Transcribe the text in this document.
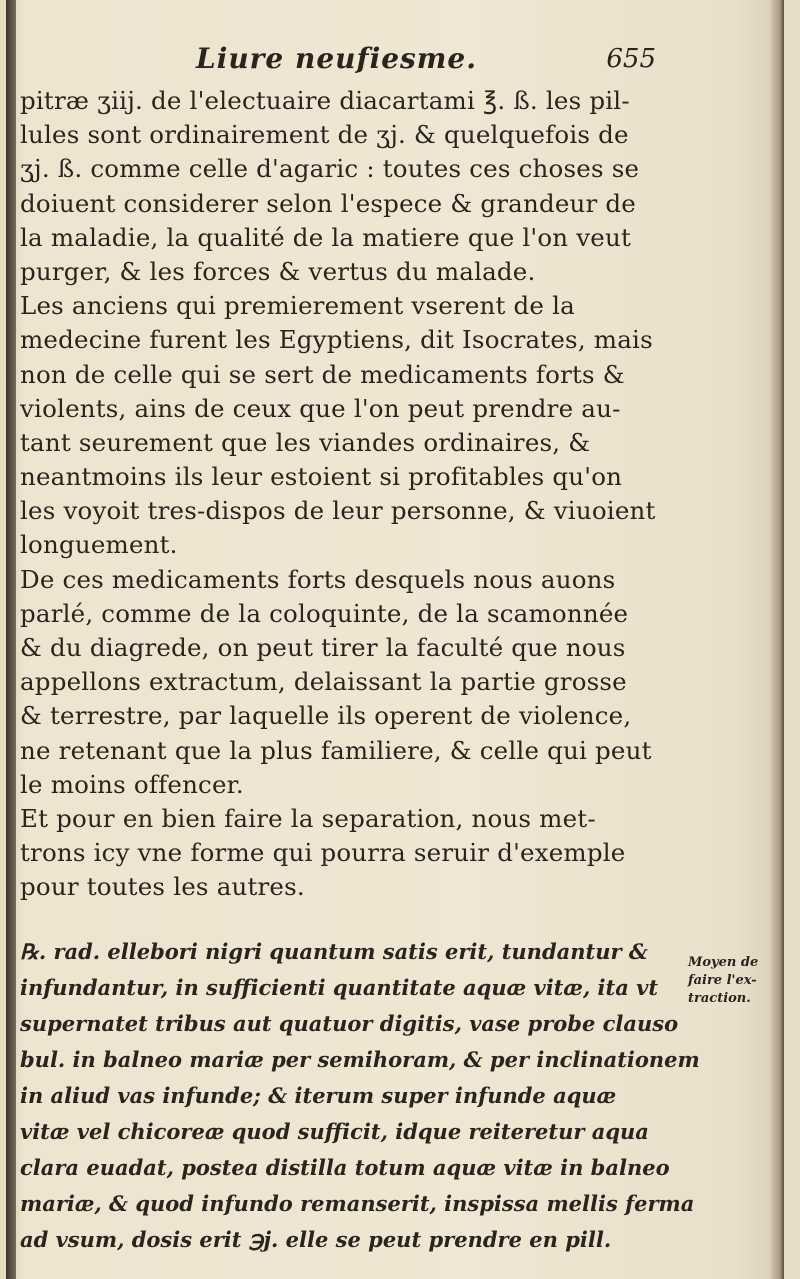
Liure neufiesme.	655
pitræ ʒiij. de l'electuaire diacartami ℥. ß. les pil-
lules sont ordinairement de ʒj. & quelquefois de
ʒj. ß. comme celle d'agaric : toutes ces choses se
doiuent considerer selon l'espece & grandeur de
la maladie, la qualité de la matiere que l'on veut
purger, & les forces & vertus du malade.
Les anciens qui premierement vserent de la
medecine furent les Egyptiens, dit Isocrates, mais
non de celle qui se sert de medicaments forts &
violents, ains de ceux que l'on peut prendre au-
tant seurement que les viandes ordinaires, &
neantmoins ils leur estoient si profitables qu'on
les voyoit tres-dispos de leur personne, & viuoient
longuement.
De ces medicaments forts desquels nous auons
parlé, comme de la coloquinte, de la scamonnée
& du diagrede, on peut tirer la faculté que nous
appellons extractum, delaissant la partie grosse
& terrestre, par laquelle ils operent de violence,
ne retenant que la plus familiere, & celle qui peut
le moins offencer.
Et pour en bien faire la separation, nous met-
trons icy vne forme qui pourra seruir d'exemple
pour toutes les autres.
℞. rad. ellebori nigri quantum satis erit, tundantur &
infundantur, in sufficienti quantitate aquæ vitæ, ita vt
supernatet tribus aut quatuor digitis, vase probe clauso
bul. in balneo mariæ per semihoram, & per inclinationem
in aliud vas infunde; & iterum super infunde aquæ
vitæ vel chicoreæ quod sufficit, idque reiteretur aqua
clara euadat, postea distilla totum aquæ vitæ in balneo
mariæ, & quod infundo remanserit, inspissa mellis ferma
ad vsum, dosis erit ℈j. elle se peut prendre en pill.
Moyen de
faire l'ex-
traction.
